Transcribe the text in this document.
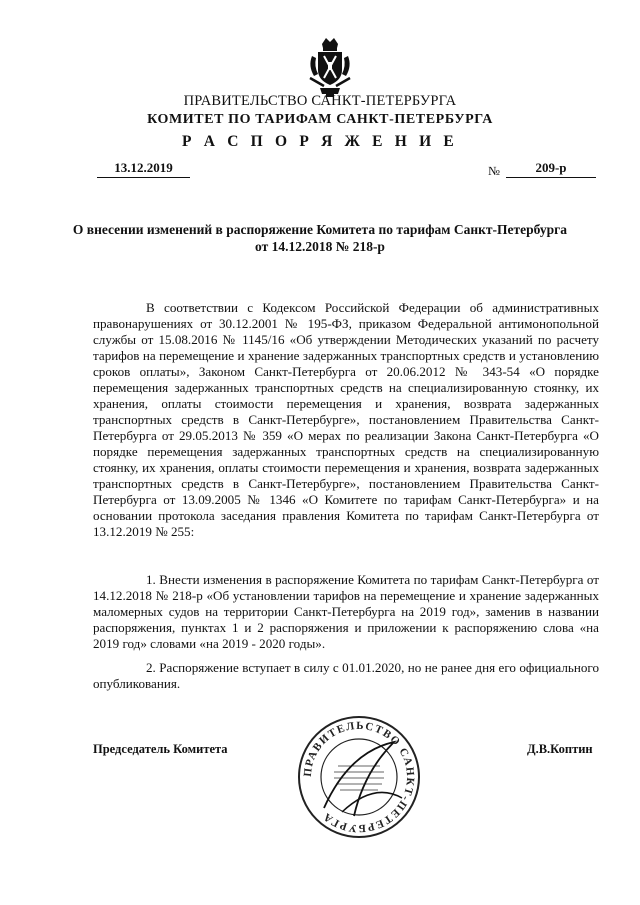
ПРАВИТЕЛЬСТВО САНКТ-ПЕТЕРБУРГА
КОМИТЕТ ПО ТАРИФАМ САНКТ-ПЕТЕРБУРГА
Р А С П О Р Я Ж Е Н И Е
13.12.2019	№	209-р
О внесении изменений в распоряжение Комитета по тарифам Санкт-Петербурга
от 14.12.2018 № 218-р

В соответствии с Кодексом Российской Федерации об административных правонарушениях от 30.12.2001 № 195-ФЗ, приказом Федеральной антимонопольной службы от 15.08.2016 № 1145/16 «Об утверждении Методических указаний по расчету тарифов на перемещение и хранение задержанных транспортных средств и установлению сроков оплаты», Законом Санкт-Петербурга от 20.06.2012 № 343-54 «О порядке перемещения задержанных транспортных средств на специализированную стоянку, их хранения, оплаты стоимости перемещения и хранения, возврата задержанных транспортных средств в Санкт-Петербурге», постановлением Правительства Санкт-Петербурга от 29.05.2013 № 359 «О мерах по реализации Закона Санкт-Петербурга «О порядке перемещения задержанных транспортных средств на специализированную стоянку, их хранения, оплаты стоимости перемещения и хранения, возврата задержанных транспортных средств в Санкт-Петербурге», постановлением Правительства Санкт-Петербурга от 13.09.2005 № 1346 «О Комитете по тарифам Санкт-Петербурга» и на основании протокола заседания правления Комитета по тарифам Санкт-Петербурга от 13.12.2019 № 255:

1. Внести изменения в распоряжение Комитета по тарифам Санкт-Петербурга от 14.12.2018 № 218-р «Об установлении тарифов на перемещение и хранение задержанных маломерных судов на территории Санкт-Петербурга на 2019 год», заменив в названии распоряжения, пунктах 1 и 2 распоряжения и приложении к распоряжению слова «на 2019 год» словами «на 2019 - 2020 годы».

2. Распоряжение вступает в силу с 01.01.2020, но не ранее дня его официального опубликования.

Председатель Комитета	Д.В.Коптин
ПРАВИТЕЛЬСТВО САНКТ-ПЕТЕРБУРГА
